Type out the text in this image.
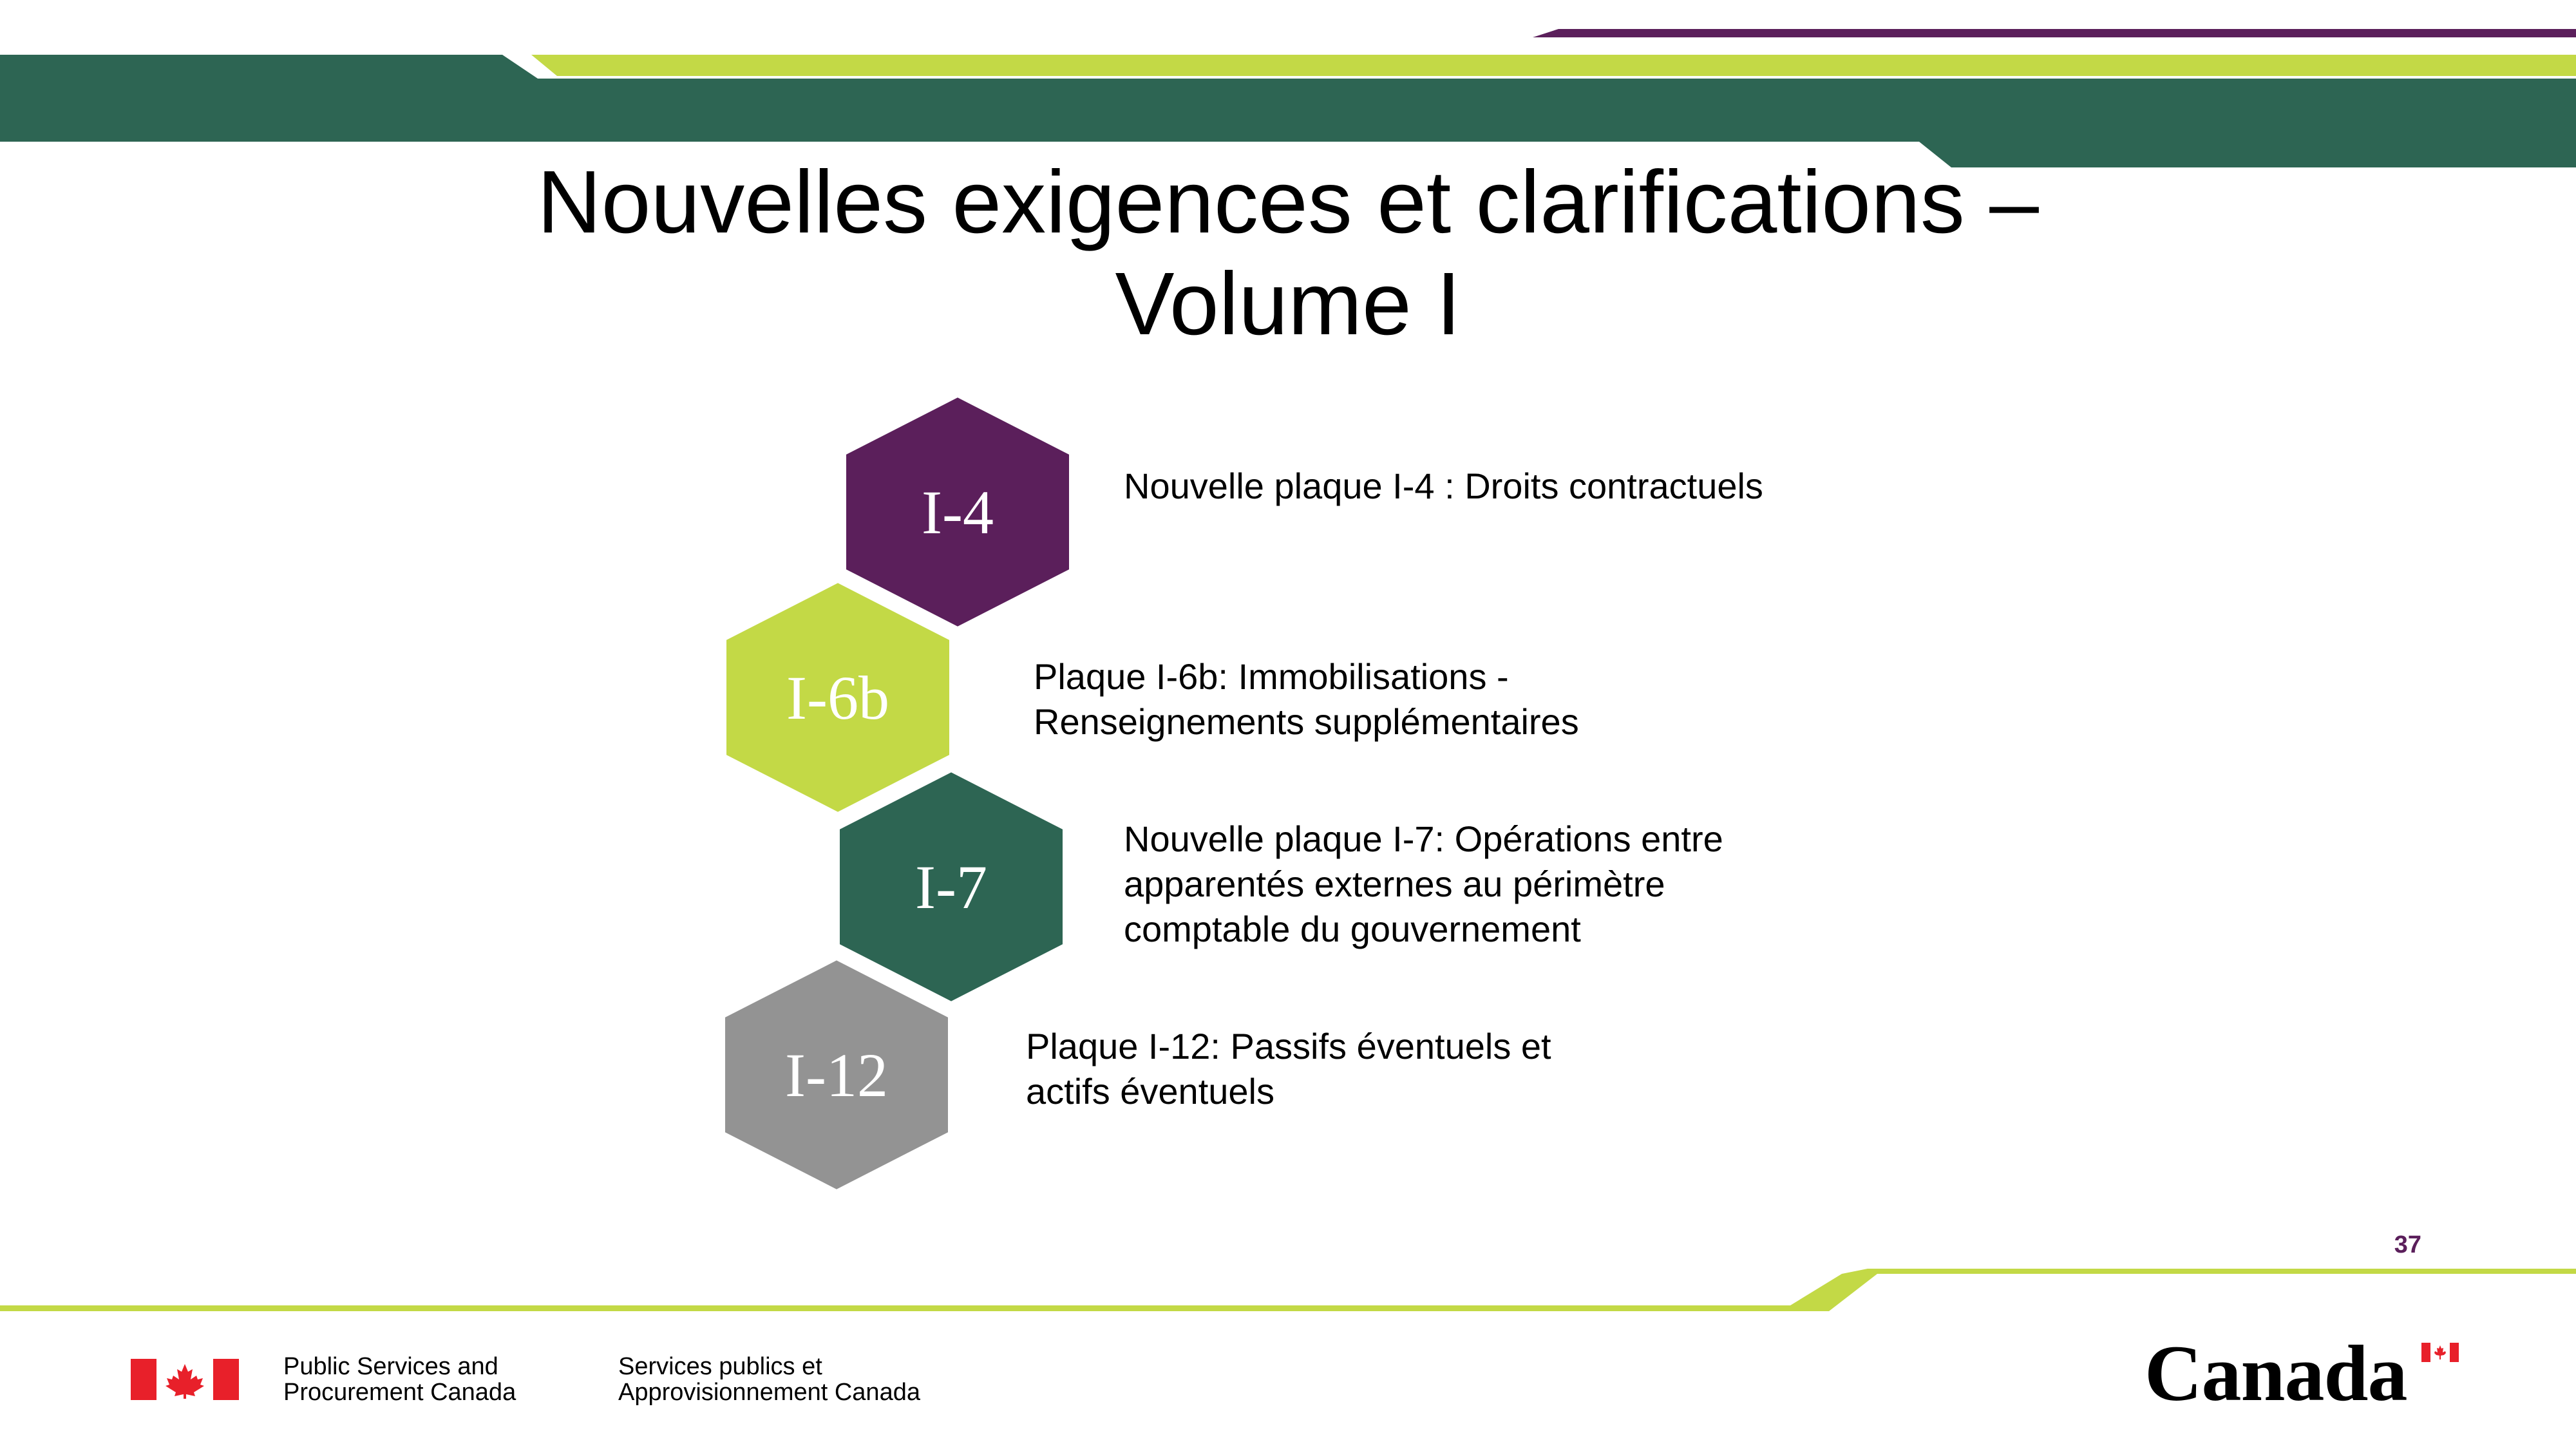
Nouvelles exigences et clarifications –
Volume I
I-4
I-6b
I-7
I-12
Nouvelle plaque I-4 : Droits contractuels
Plaque I-6b: Immobilisations -
Renseignements supplémentaires
Nouvelle plaque I-7: Opérations entre
apparentés externes au périmètre
comptable du gouvernement
Plaque I-12: Passifs éventuels et
actifs éventuels
37
Public Services and
Procurement Canada
Services publics et
Approvisionnement Canada	Canada
